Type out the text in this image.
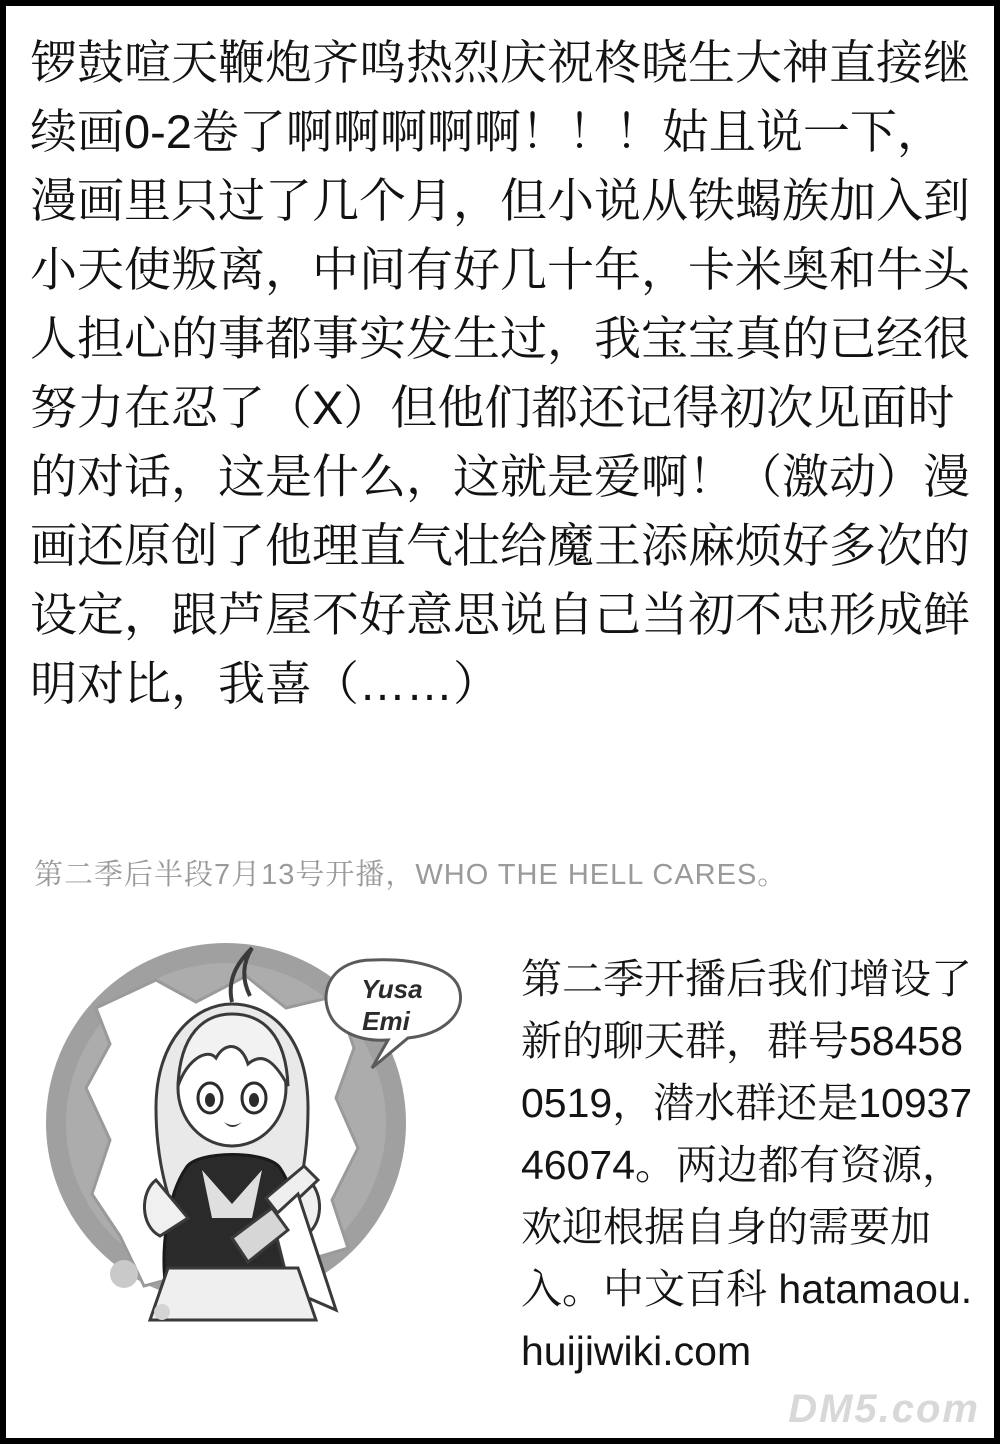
锣鼓喧天鞭炮齐鸣热烈庆祝柊晓生大神直接继续画0-2卷了啊啊啊啊啊！！！姑且说一下，漫画里只过了几个月，但小说从铁蝎族加入到小天使叛离，中间有好几十年，卡米奥和牛头人担心的事都事实发生过，我宝宝真的已经很努力在忍了（X）但他们都还记得初次见面时的对话，这是什么，这就是爱啊！（激动）漫画还原创了他理直气壮给魔王添麻烦好多次的设定，跟芦屋不好意思说自己当初不忠形成鲜明对比，我喜（……）
第二季后半段7月13号开播，WHO THE HELL CARES。
Yusa
Emi
第二季开播后我们增设了新的聊天群，群号584580519，潜水群还是1093746074。两边都有资源，欢迎根据自身的需要加入。中文百科 hatamaou.huijiwiki.com
DM5.com
